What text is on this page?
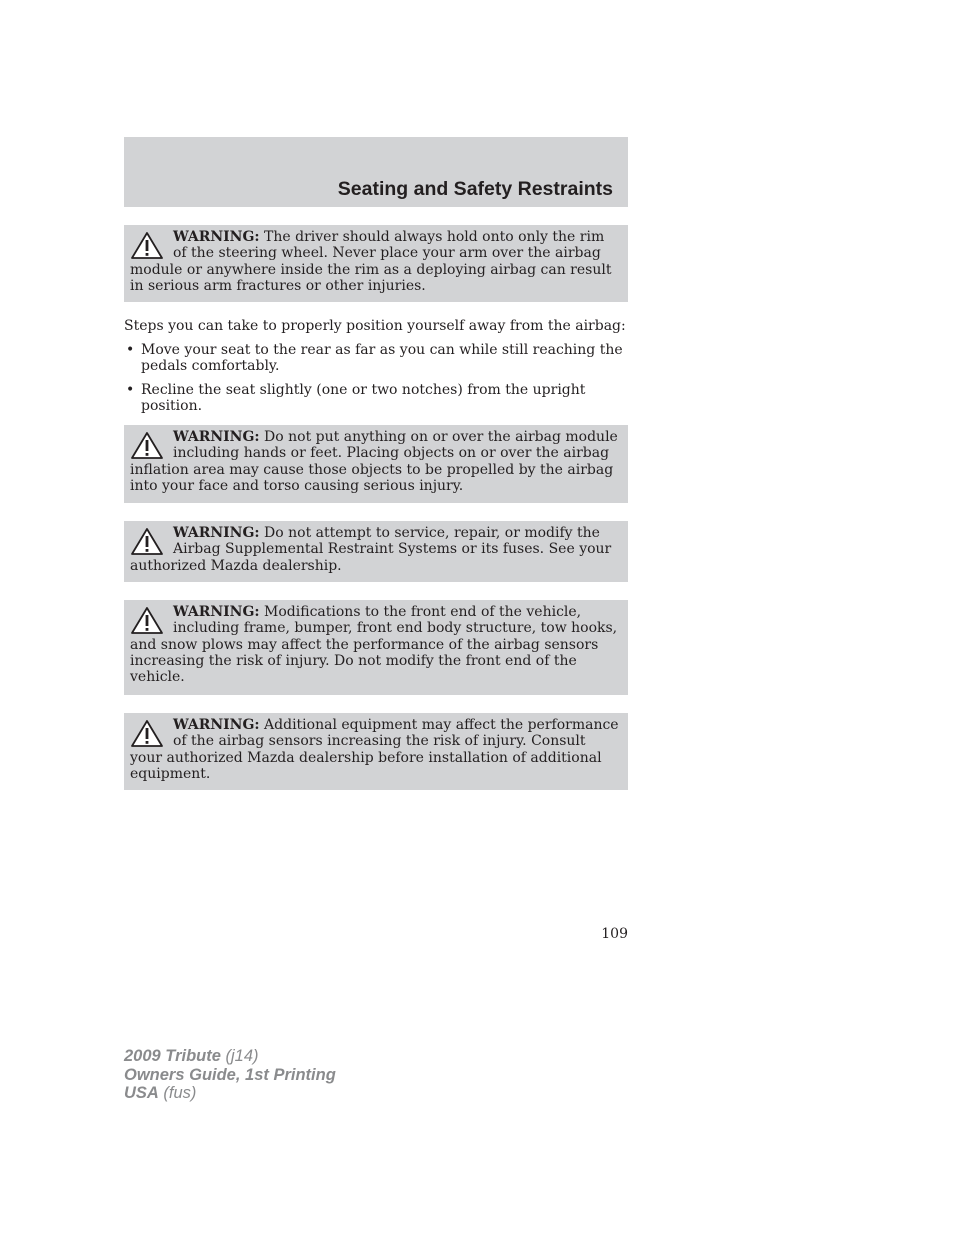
Seating and Safety Restraints
WARNING: The driver should always hold onto only the rim of the steering wheel. Never place your arm over the airbag module or anywhere inside the rim as a deploying airbag can result in serious arm fractures or other injuries.

Steps you can take to properly position yourself away from the airbag:

• Move your seat to the rear as far as you can while still reaching the pedals comfortably.
• Recline the seat slightly (one or two notches) from the upright position.
WARNING: Do not put anything on or over the airbag module including hands or feet. Placing objects on or over the airbag inflation area may cause those objects to be propelled by the airbag into your face and torso causing serious injury.
WARNING: Do not attempt to service, repair, or modify the Airbag Supplemental Restraint Systems or its fuses. See your authorized Mazda dealership.
WARNING: Modifications to the front end of the vehicle, including frame, bumper, front end body structure, tow hooks, and snow plows may affect the performance of the airbag sensors increasing the risk of injury. Do not modify the front end of the vehicle.
WARNING: Additional equipment may affect the performance of the airbag sensors increasing the risk of injury. Consult your authorized Mazda dealership before installation of additional equipment.
109
2009 Tribute (j14)
Owners Guide, 1st Printing
USA (fus)
